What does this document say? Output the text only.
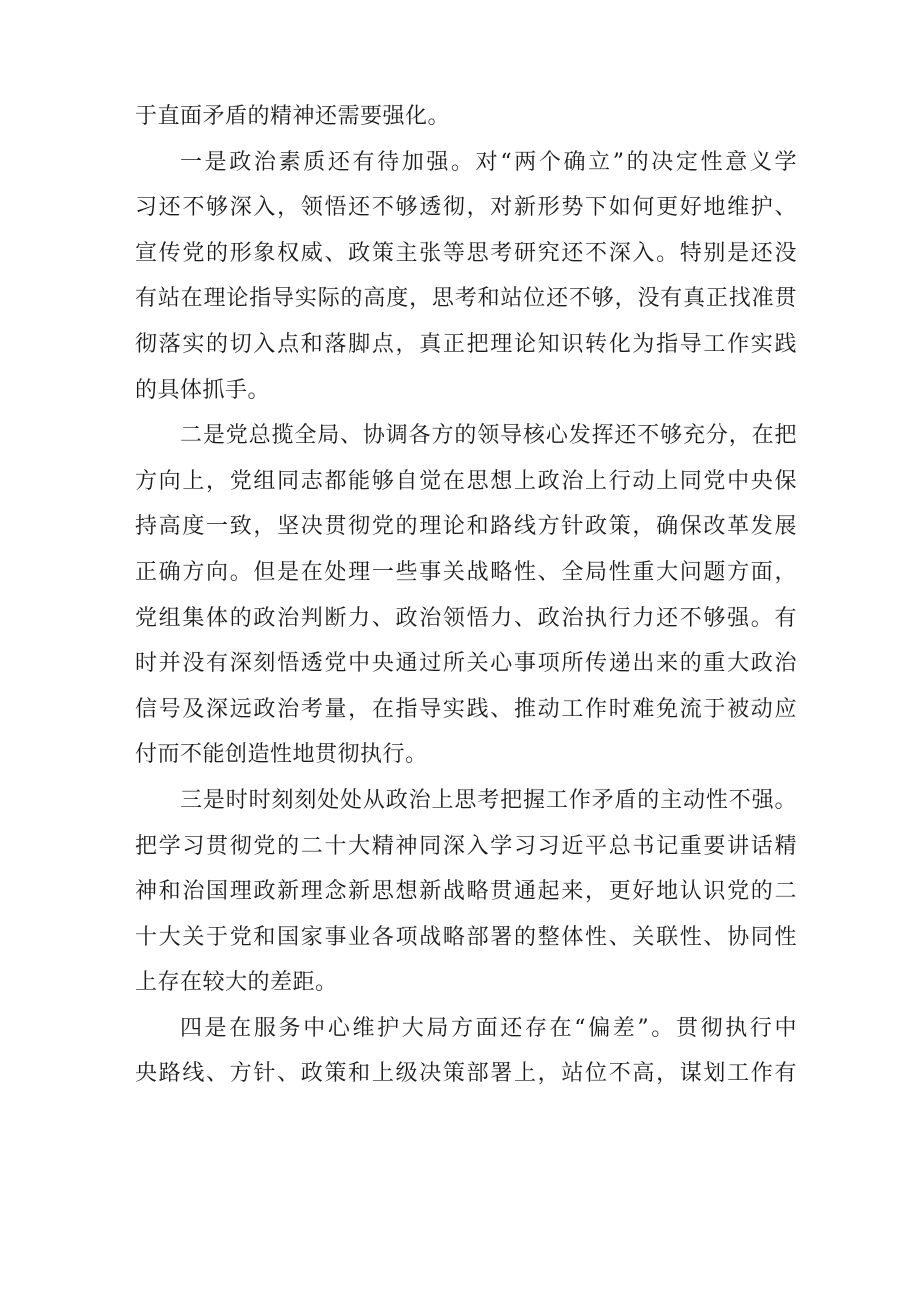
于直面矛盾的精神还需要强化。
一是政治素质还有待加强。对“两个确立”的决定性意义学
习还不够深入，领悟还不够透彻，对新形势下如何更好地维护、
宣传党的形象权威、政策主张等思考研究还不深入。特别是还没
有站在理论指导实际的高度，思考和站位还不够，没有真正找准贯
彻落实的切入点和落脚点，真正把理论知识转化为指导工作实践
的具体抓手。
二是党总揽全局、协调各方的领导核心发挥还不够充分，在把
方向上，党组同志都能够自觉在思想上政治上行动上同党中央保
持高度一致，坚决贯彻党的理论和路线方针政策，确保改革发展
正确方向。但是在处理一些事关战略性、全局性重大问题方面，
党组集体的政治判断力、政治领悟力、政治执行力还不够强。有
时并没有深刻悟透党中央通过所关心事项所传递出来的重大政治
信号及深远政治考量，在指导实践、推动工作时难免流于被动应
付而不能创造性地贯彻执行。
三是时时刻刻处处从政治上思考把握工作矛盾的主动性不强。
把学习贯彻党的二十大精神同深入学习习近平总书记重要讲话精
神和治国理政新理念新思想新战略贯通起来，更好地认识党的二
十大关于党和国家事业各项战略部署的整体性、关联性、协同性
上存在较大的差距。
四是在服务中心维护大局方面还存在“偏差”。贯彻执行中
央路线、方针、政策和上级决策部署上，站位不高，谋划工作有
